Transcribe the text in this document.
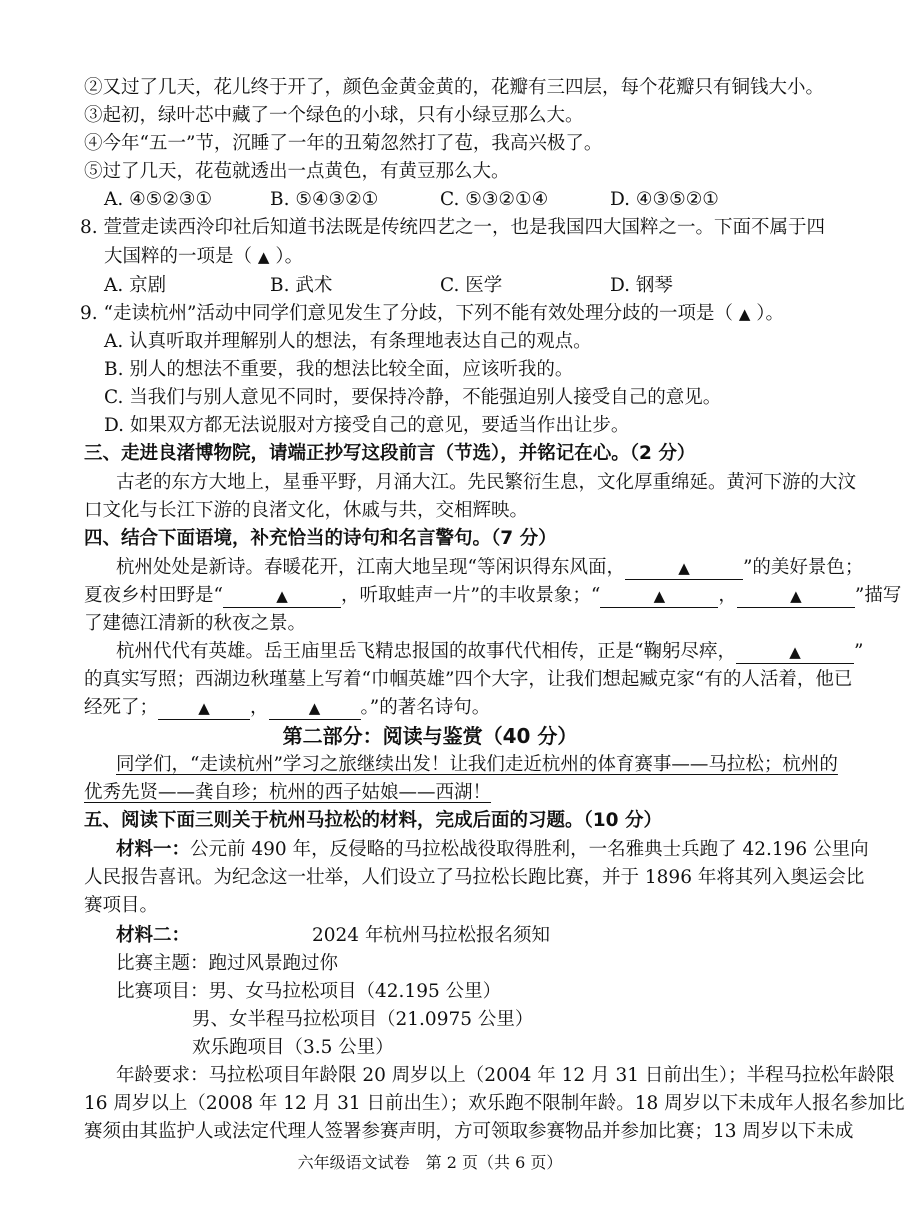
②又过了几天，花儿终于开了，颜色金黄金黄的，花瓣有三四层，每个花瓣只有铜钱大小。
③起初，绿叶芯中藏了一个绿色的小球，只有小绿豆那么大。
④今年“五一”节，沉睡了一年的丑菊忽然打了苞，我高兴极了。
⑤过了几天，花苞就透出一点黄色，有黄豆那么大。
A. ④⑤②③①	B. ⑤④③②①	C. ⑤③②①④	D. ④③⑤②①
8. 萱萱走读西泠印社后知道书法既是传统四艺之一，也是我国四大国粹之一。下面不属于四
大国粹的一项是（ ▲ ）。
A. 京剧	B. 武术	C. 医学	D. 钢琴
9. “走读杭州”活动中同学们意见发生了分歧，下列不能有效处理分歧的一项是（ ▲ ）。
A. 认真听取并理解别人的想法，有条理地表达自己的观点。
B. 别人的想法不重要，我的想法比较全面，应该听我的。
C. 当我们与别人意见不同时，要保持冷静，不能强迫别人接受自己的意见。
D. 如果双方都无法说服对方接受自己的意见，要适当作出让步。
三、走进良渚博物院，请端正抄写这段前言（节选），并铭记在心。（2 分）
古老的东方大地上，星垂平野，月涌大江。先民繁衍生息，文化厚重绵延。黄河下游的大汶
口文化与长江下游的良渚文化，休戚与共，交相辉映。
四、结合下面语境，补充恰当的诗句和名言警句。（7 分）
杭州处处是新诗。春暖花开，江南大地呈现“等闲识得东风面，	▲	”的美好景色；
夏夜乡村田野是“	▲	，听取蛙声一片”的丰收景象；“	▲	，	▲	”描写
了建德江清新的秋夜之景。
杭州代代有英雄。岳王庙里岳飞精忠报国的故事代代相传，正是“鞠躬尽瘁，	▲	”
的真实写照；西湖边秋瑾墓上写着“巾帼英雄”四个大字，让我们想起臧克家“有的人活着，他已
经死了；	▲ ，	▲ 。”的著名诗句。
第二部分：阅读与鉴赏（40 分）
同学们，“走读杭州”学习之旅继续出发！让我们走近杭州的体育赛事——马拉松；杭州的
优秀先贤——龚自珍；杭州的西子姑娘——西湖！
五、阅读下面三则关于杭州马拉松的材料，完成后面的习题。（10 分）
材料一：公元前 490 年，反侵略的马拉松战役取得胜利，一名雅典士兵跑了 42.196 公里向
人民报告喜讯。为纪念这一壮举，人们设立了马拉松长跑比赛，并于 1896 年将其列入奥运会比
赛项目。
材料二：	2024 年杭州马拉松报名须知
比赛主题：跑过风景跑过你
比赛项目：男、女马拉松项目（42.195 公里）
男、女半程马拉松项目（21.0975 公里）
欢乐跑项目（3.5 公里）
年龄要求：马拉松项目年龄限 20 周岁以上（2004 年 12 月 31 日前出生）；半程马拉松年龄限
16 周岁以上（2008 年 12 月 31 日前出生）；欢乐跑不限制年龄。18 周岁以下未成年人报名参加比
赛须由其监护人或法定代理人签署参赛声明，方可领取参赛物品并参加比赛；13 周岁以下未成
六年级语文试卷　第 2 页（共 6 页）
